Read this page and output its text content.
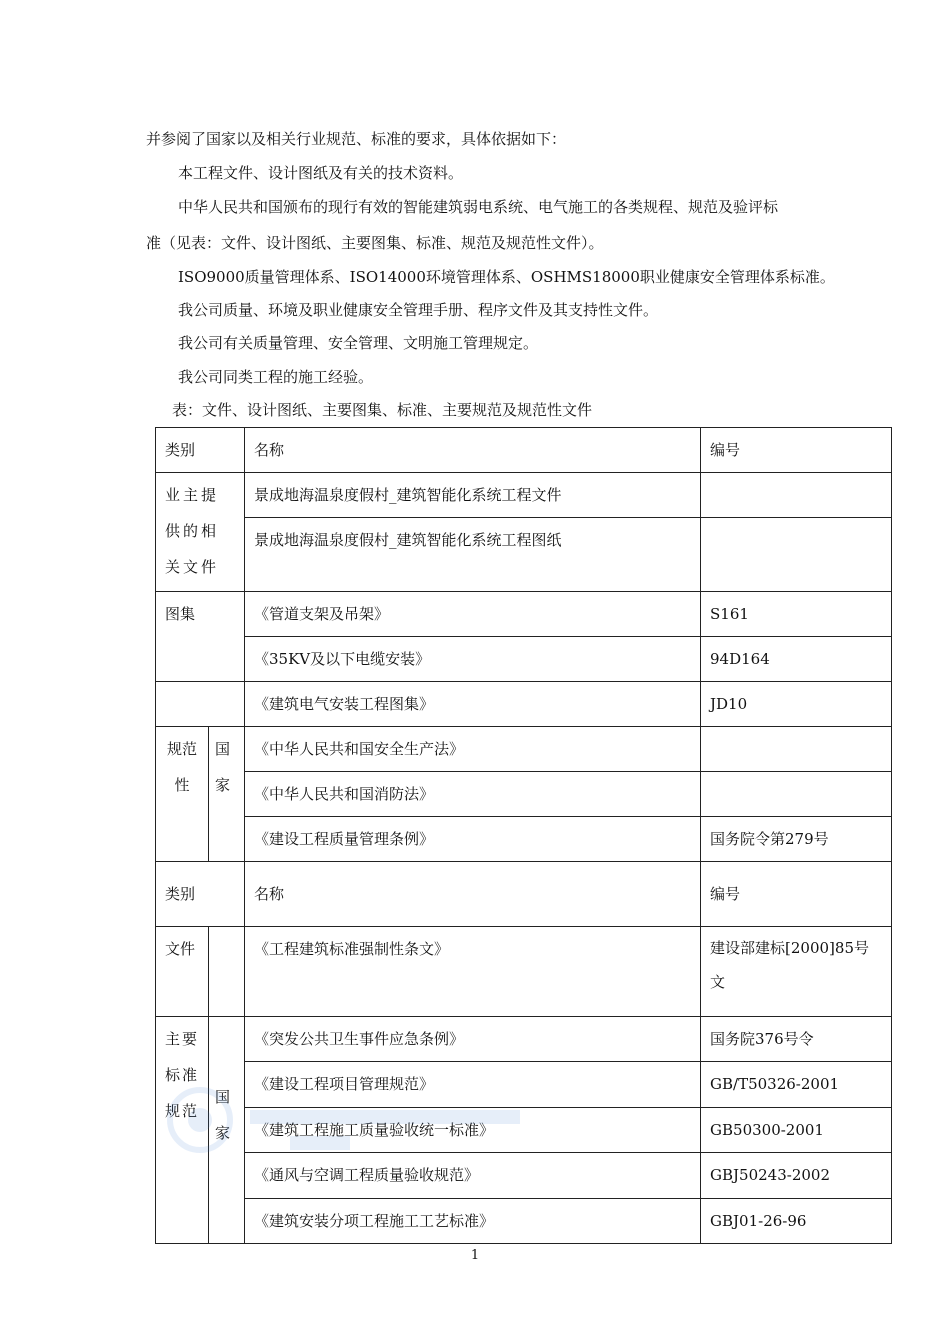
并参阅了国家以及相关行业规范、标准的要求，具体依据如下：
本工程文件、设计图纸及有关的技术资料。
中华人民共和国颁布的现行有效的智能建筑弱电系统、电气施工的各类规程、规范及验评标
准（见表：文件、设计图纸、主要图集、标准、规范及规范性文件）。
ISO9000质量管理体系、ISO14000环境管理体系、OSHMS18000职业健康安全管理体系标准。
我公司质量、环境及职业健康安全管理手册、程序文件及其支持性文件。
我公司有关质量管理、安全管理、文明施工管理规定。
我公司同类工程的施工经验。
表：文件、设计图纸、主要图集、标准、主要规范及规范性文件
类别		名称	编号
业主提供的相关文件		景成地海温泉度假村_建筑智能化系统工程文件	
		景成地海温泉度假村_建筑智能化系统工程图纸	
图集		《管道支架及吊架》	S161
		《35KV及以下电缆安装》	94D164
		《建筑电气安装工程图集》	JD10
规范性	国家	《中华人民共和国安全生产法》	
		《中华人民共和国消防法》	
		《建设工程质量管理条例》	国务院令第279号
类别		名称	编号
文件		《工程建筑标准强制性条文》	建设部建标[2000]85号文
主要标准规范	国家	《突发公共卫生事件应急条例》	国务院376号令
		《建设工程项目管理规范》	GB/T50326-2001
		《建筑工程施工质量验收统一标准》	GB50300-2001
		《通风与空调工程质量验收规范》	GBJ50243-2002
		《建筑安装分项工程施工工艺标准》	GBJ01-26-96
1
